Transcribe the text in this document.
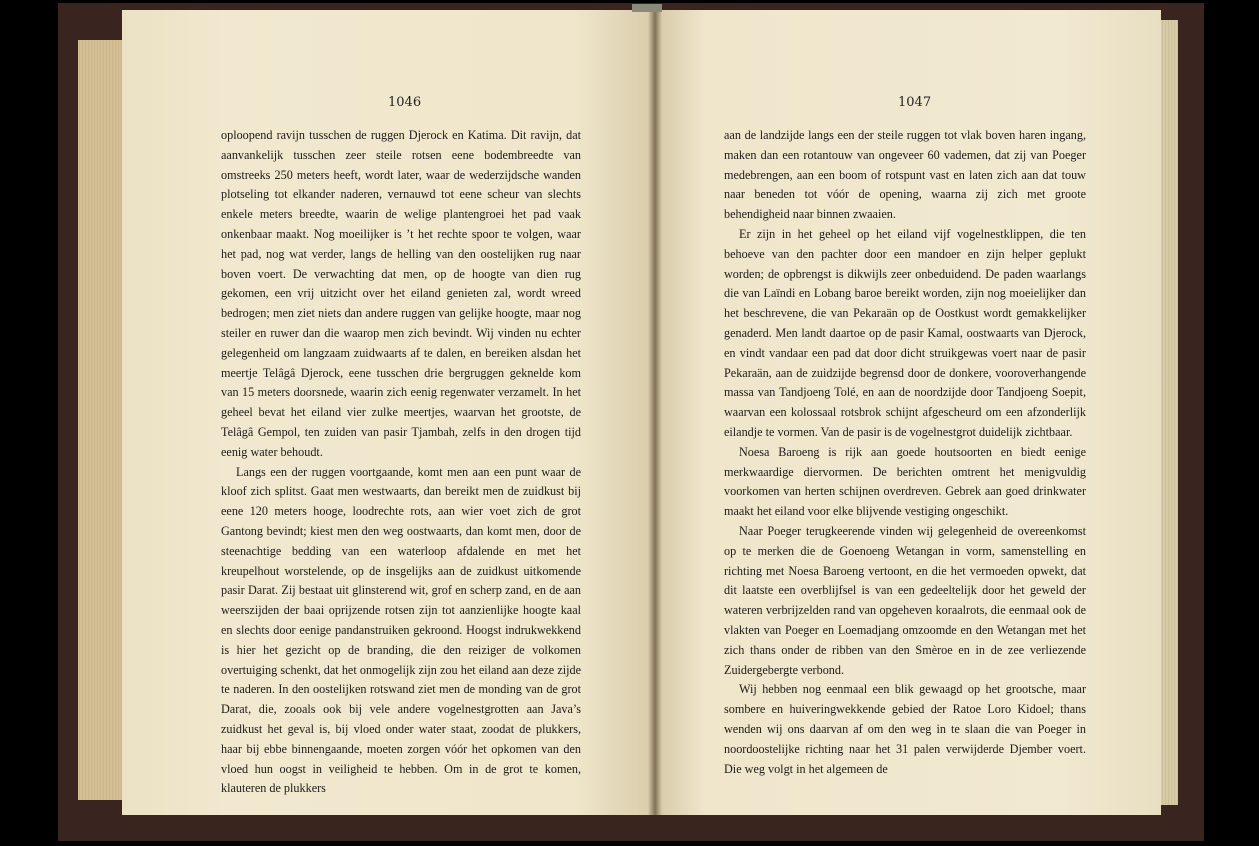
1046	1047

oploopend ravijn tusschen de ruggen Djerock en Katima. Dit ravijn, dat aanvankelijk tusschen zeer steile rotsen eene bodembreedte van omstreeks 250 meters heeft, wordt later, waar de wederzijdsche wanden plotseling tot elkander naderen, vernauwd tot eene scheur van slechts enkele meters breedte, waarin de welige plantengroei het pad vaak onkenbaar maakt. Nog moeilijker is ’t het rechte spoor te volgen, waar het pad, nog wat verder, langs de helling van den oostelijken rug naar boven voert. De verwachting dat men, op de hoogte van dien rug gekomen, een vrij uitzicht over het eiland genieten zal, wordt wreed bedrogen; men ziet niets dan andere ruggen van gelijke hoogte, maar nog steiler en ruwer dan die waarop men zich bevindt. Wij vinden nu echter gelegenheid om langzaam zuidwaarts af te dalen, en bereiken alsdan het meertje Telâgâ Djerock, eene tusschen drie bergruggen geknelde kom van 15 meters doorsnede, waarin zich eenig regenwater verzamelt. In het geheel bevat het eiland vier zulke meertjes, waarvan het grootste, de Telâgâ Gempol, ten zuiden van pasir Tjambah, zelfs in den drogen tijd eenig water behoudt.

Langs een der ruggen voortgaande, komt men aan een punt waar de kloof zich splitst. Gaat men westwaarts, dan bereikt men de zuidkust bij eene 120 meters hooge, loodrechte rots, aan wier voet zich de grot Gantong bevindt; kiest men den weg oostwaarts, dan komt men, door de steenachtige bedding van een waterloop afdalende en met het kreupelhout worstelende, op de insgelijks aan de zuidkust uitkomende pasir Darat. Zij bestaat uit glinsterend wit, grof en scherp zand, en de aan weerszijden der baai oprijzende rotsen zijn tot aanzienlijke hoogte kaal en slechts door eenige pandanstruiken gekroond. Hoogst indrukwekkend is hier het gezicht op de branding, die den reiziger de volkomen overtuiging schenkt, dat het onmogelijk zijn zou het eiland aan deze zijde te naderen. In den oostelijken rotswand ziet men de monding van de grot Darat, die, zooals ook bij vele andere vogelnestgrotten aan Java’s zuidkust het geval is, bij vloed onder water staat, zoodat de plukkers, haar bij ebbe binnengaande, moeten zorgen vóór het opkomen van den vloed hun oogst in veiligheid te hebben. Om in de grot te komen, klauteren de plukkers

aan de landzijde langs een der steile ruggen tot vlak boven haren ingang, maken dan een rotantouw van ongeveer 60 vademen, dat zij van Poeger medebrengen, aan een boom of rotspunt vast en laten zich aan dat touw naar beneden tot vóór de opening, waarna zij zich met groote behendigheid naar binnen zwaaien.

Er zijn in het geheel op het eiland vijf vogelnestklippen, die ten behoeve van den pachter door een mandoer en zijn helper geplukt worden; de opbrengst is dikwijls zeer onbeduidend. De paden waarlangs die van Laïndi en Lobang baroe bereikt worden, zijn nog moeielijker dan het beschrevene, die van Pekaraän op de Oostkust wordt gemakkelijker genaderd. Men landt daartoe op de pasir Kamal, oostwaarts van Djerock, en vindt vandaar een pad dat door dicht struikgewas voert naar de pasir Pekaraän, aan de zuidzijde begrensd door de donkere, vooroverhangende massa van Tandjoeng Tolé, en aan de noordzijde door Tandjoeng Soepit, waarvan een kolossaal rotsbrok schijnt afgescheurd om een afzonderlijk eilandje te vormen. Van de pasir is de vogelnestgrot duidelijk zichtbaar.

Noesa Baroeng is rijk aan goede houtsoorten en biedt eenige merkwaardige diervormen. De berichten omtrent het menigvuldig voorkomen van herten schijnen overdreven. Gebrek aan goed drinkwater maakt het eiland voor elke blijvende vestiging ongeschikt.

Naar Poeger terugkeerende vinden wij gelegenheid de overeenkomst op te merken die de Goenoeng Wetangan in vorm, samenstelling en richting met Noesa Baroeng vertoont, en die het vermoeden opwekt, dat dit laatste een overblijfsel is van een gedeeltelijk door het geweld der wateren verbrijzelden rand van opgeheven koraalrots, die eenmaal ook de vlakten van Poeger en Loemadjang omzoomde en den Wetangan met het zich thans onder de ribben van den Smèroe en in de zee verliezende Zuidergebergte verbond.

Wij hebben nog eenmaal een blik gewaagd op het grootsche, maar sombere en huiveringwekkende gebied der Ratoe Loro Kidoel; thans wenden wij ons daarvan af om den weg in te slaan die van Poeger in noordoostelijke richting naar het 31 palen verwijderde Djember voert. Die weg volgt in het algemeen de
